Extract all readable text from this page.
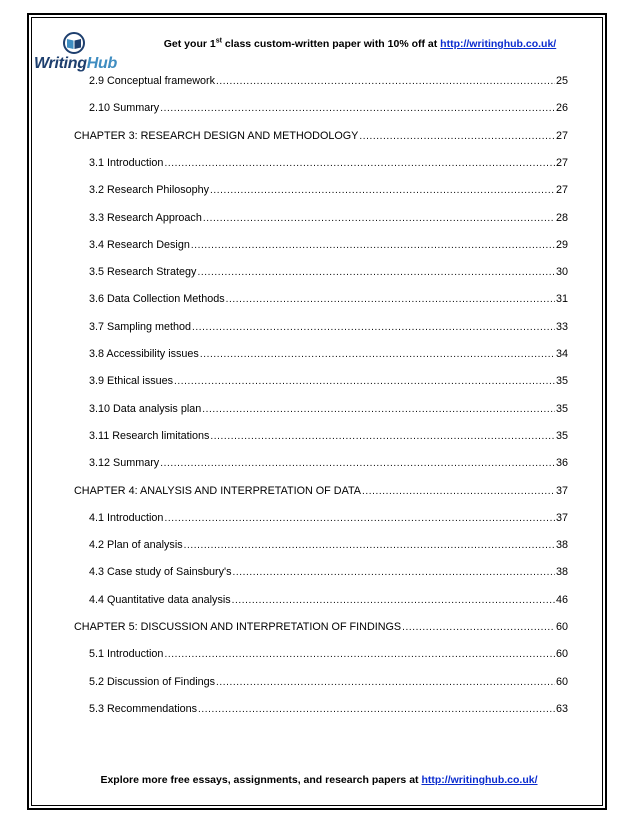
WritingHub
Get your 1st class custom-written paper with 10% off at http://writinghub.co.uk/
2.9 Conceptual framework .....	25
2.10 Summary .....	26
CHAPTER 3: RESEARCH DESIGN AND METHODOLOGY .....	27
3.1 Introduction .....	27
3.2 Research Philosophy .....	27
3.3 Research Approach .....	28
3.4 Research Design .....	29
3.5 Research Strategy .....	30
3.6 Data Collection Methods .....	31
3.7 Sampling method .....	33
3.8 Accessibility issues .....	34
3.9 Ethical issues .....	35
3.10 Data analysis plan .....	35
3.11 Research limitations .....	35
3.12 Summary .....	36
CHAPTER 4: ANALYSIS AND INTERPRETATION OF DATA .....	37
4.1 Introduction .....	37
4.2 Plan of analysis .....	38
4.3 Case study of Sainsbury's .....	38
4.4 Quantitative data analysis .....	46
CHAPTER 5: DISCUSSION AND INTERPRETATION OF FINDINGS .....	60
5.1 Introduction .....	60
5.2 Discussion of Findings .....	60
5.3 Recommendations .....	63
Explore more free essays, assignments, and research papers at http://writinghub.co.uk/
